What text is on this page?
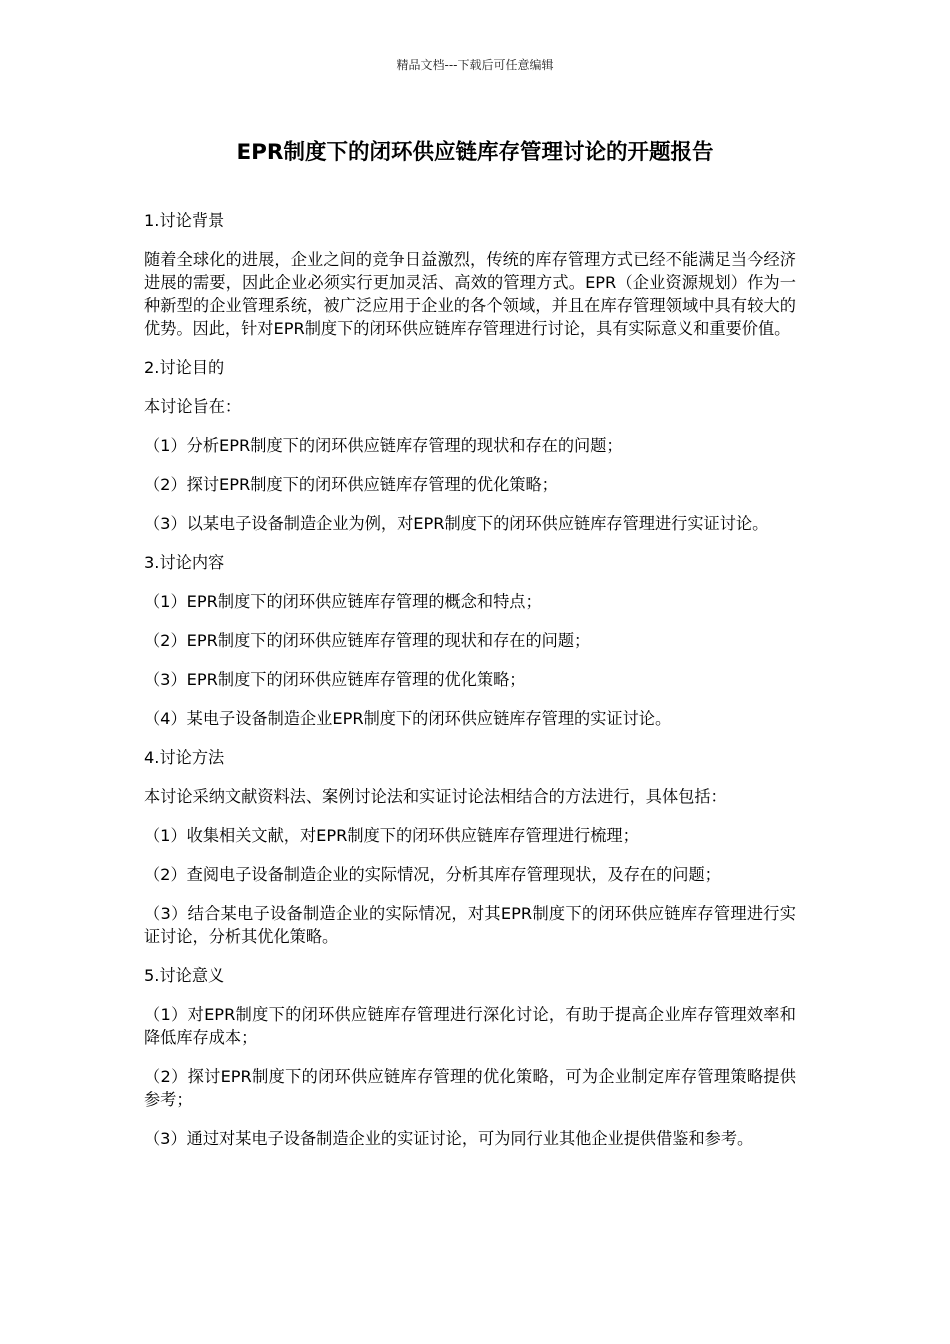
精品文档---下载后可任意编辑
EPR制度下的闭环供应链库存管理讨论的开题报告

1.讨论背景

随着全球化的进展，企业之间的竞争日益激烈，传统的库存管理方式已经不能满足当今经济进展的需要，因此企业必须实行更加灵活、高效的管理方式。EPR（企业资源规划）作为一种新型的企业管理系统，被广泛应用于企业的各个领域，并且在库存管理领域中具有较大的优势。因此，针对EPR制度下的闭环供应链库存管理进行讨论，具有实际意义和重要价值。

2.讨论目的

本讨论旨在：

（1）分析EPR制度下的闭环供应链库存管理的现状和存在的问题；

（2）探讨EPR制度下的闭环供应链库存管理的优化策略；

（3）以某电子设备制造企业为例，对EPR制度下的闭环供应链库存管理进行实证讨论。

3.讨论内容

（1）EPR制度下的闭环供应链库存管理的概念和特点；

（2）EPR制度下的闭环供应链库存管理的现状和存在的问题；

（3）EPR制度下的闭环供应链库存管理的优化策略；

（4）某电子设备制造企业EPR制度下的闭环供应链库存管理的实证讨论。

4.讨论方法

本讨论采纳文献资料法、案例讨论法和实证讨论法相结合的方法进行，具体包括：

（1）收集相关文献，对EPR制度下的闭环供应链库存管理进行梳理；

（2）查阅电子设备制造企业的实际情况，分析其库存管理现状，及存在的问题；

（3）结合某电子设备制造企业的实际情况，对其EPR制度下的闭环供应链库存管理进行实证讨论，分析其优化策略。

5.讨论意义

（1）对EPR制度下的闭环供应链库存管理进行深化讨论，有助于提高企业库存管理效率和降低库存成本；

（2）探讨EPR制度下的闭环供应链库存管理的优化策略，可为企业制定库存管理策略提供参考；

（3）通过对某电子设备制造企业的实证讨论，可为同行业其他企业提供借鉴和参考。
